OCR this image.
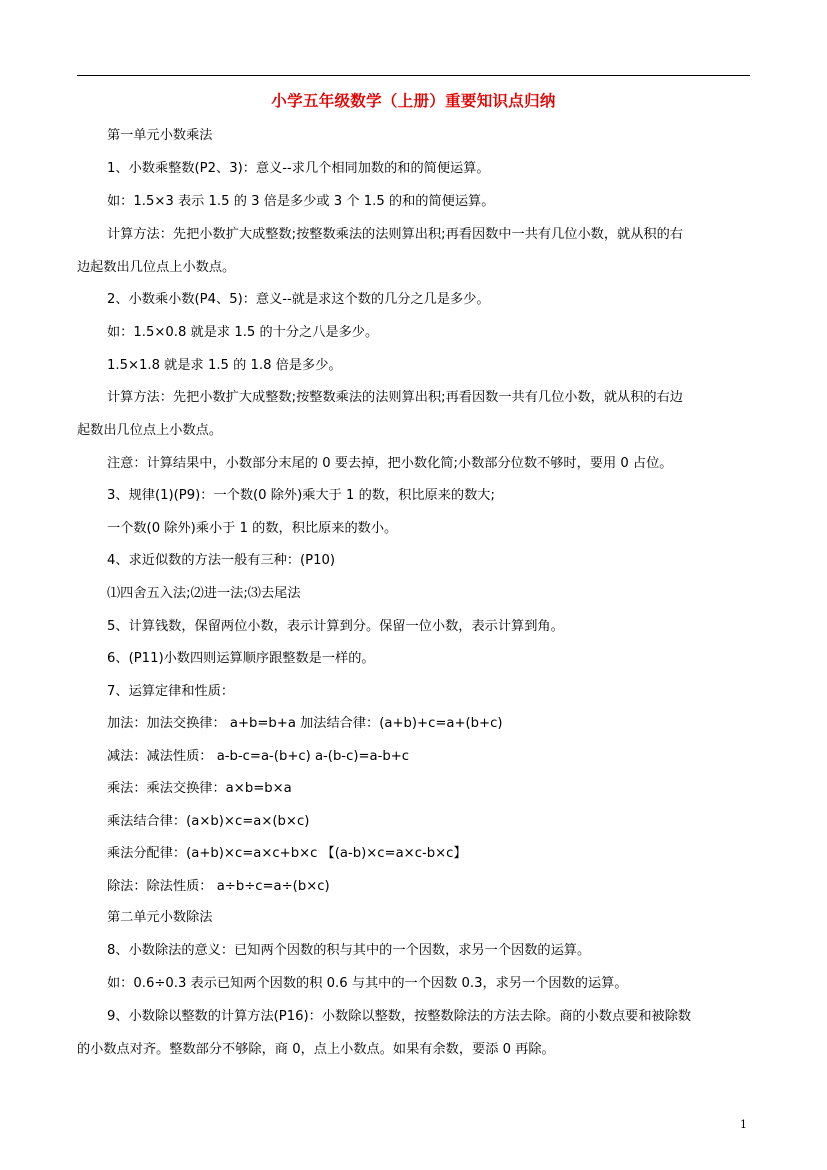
小学五年级数学（上册）重要知识点归纳
第一单元小数乘法
1、小数乘整数(P2、3)：意义--求几个相同加数的和的简便运算。
如：1.5×3 表示 1.5 的 3 倍是多少或 3 个 1.5 的和的简便运算。
计算方法：先把小数扩大成整数;按整数乘法的法则算出积;再看因数中一共有几位小数，就从积的右
边起数出几位点上小数点。
2、小数乘小数(P4、5)：意义--就是求这个数的几分之几是多少。
如：1.5×0.8 就是求 1.5 的十分之八是多少。
1.5×1.8 就是求 1.5 的 1.8 倍是多少。
计算方法：先把小数扩大成整数;按整数乘法的法则算出积;再看因数一共有几位小数，就从积的右边
起数出几位点上小数点。
注意：计算结果中，小数部分末尾的 0 要去掉，把小数化简;小数部分位数不够时，要用 0 占位。
3、规律(1)(P9)：一个数(0 除外)乘大于 1 的数，积比原来的数大;
一个数(0 除外)乘小于 1 的数，积比原来的数小。
4、求近似数的方法一般有三种：(P10)
⑴四舍五入法;⑵进一法;⑶去尾法
5、计算钱数，保留两位小数，表示计算到分。保留一位小数，表示计算到角。
6、(P11)小数四则运算顺序跟整数是一样的。
7、运算定律和性质：
加法：加法交换律： a+b=b+a 加法结合律：(a+b)+c=a+(b+c)
减法：减法性质： a-b-c=a-(b+c) a-(b-c)=a-b+c
乘法：乘法交换律：a×b=b×a
乘法结合律：(a×b)×c=a×(b×c)
乘法分配律：(a+b)×c=a×c+b×c 【(a-b)×c=a×c-b×c】
除法：除法性质： a÷b÷c=a÷(b×c)
第二单元小数除法
8、小数除法的意义：已知两个因数的积与其中的一个因数，求另一个因数的运算。
如：0.6÷0.3 表示已知两个因数的积 0.6 与其中的一个因数 0.3，求另一个因数的运算。
9、小数除以整数的计算方法(P16)：小数除以整数，按整数除法的方法去除。商的小数点要和被除数
的小数点对齐。整数部分不够除，商 0，点上小数点。如果有余数，要添 0 再除。
1
